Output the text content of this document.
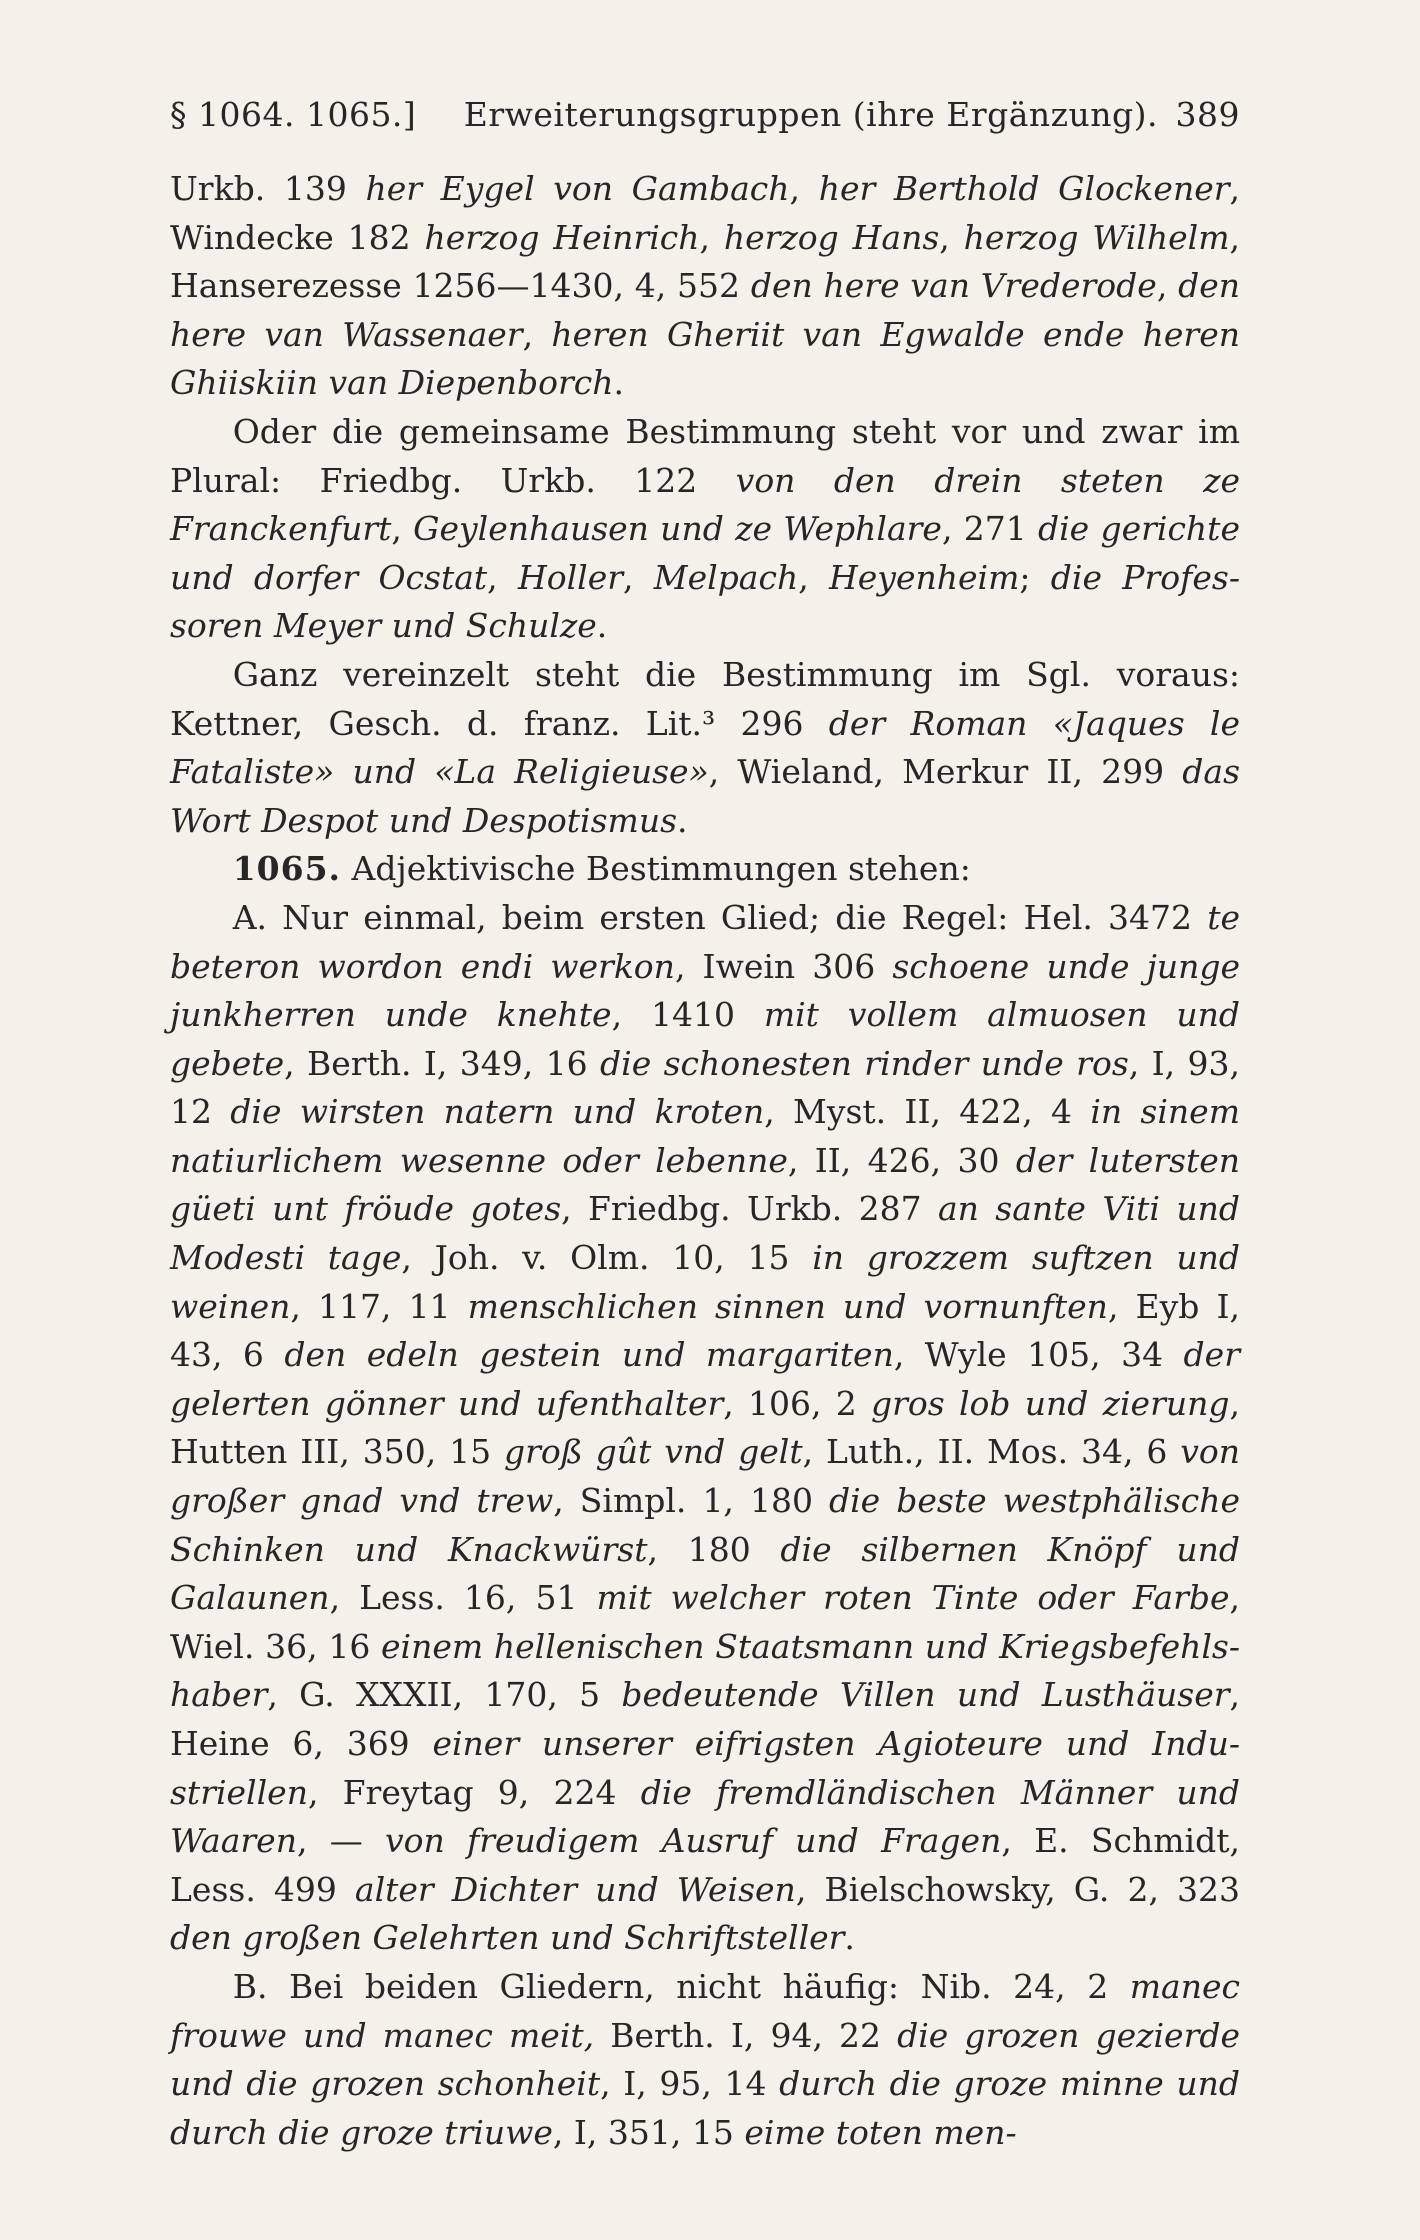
§ 1064. 1065.]	Erweiterungsgruppen (ihre Ergänzung). 389

Urkb. 139 her Eygel von Gambach, her Berthold Glockener, Windecke 182 herzog Heinrich, herzog Hans, herzog Wilhelm, Hanserezesse 1256—1430, 4, 552 den here van Vrederode, den here van Wassenaer, heren Gheriit van Egwalde ende heren Ghiiskiin van Diepenborch.

Oder die gemeinsame Bestimmung steht vor und zwar im Plural: Friedbg. Urkb. 122 von den drein steten ze Franckenfurt, Geylenhausen und ze Wephlare, 271 die gerichte und dorfer Ocstat, Holler, Melpach, Heyenheim; die Professoren Meyer und Schulze.

Ganz vereinzelt steht die Bestimmung im Sgl. voraus: Kettner, Gesch. d. franz. Lit.³ 296 der Roman «Jaques le Fataliste» und «La Religieuse», Wieland, Merkur II, 299 das Wort Despot und Despotismus.

1065. Adjektivische Bestimmungen stehen:

A. Nur einmal, beim ersten Glied; die Regel: Hel. 3472 te beteron wordon endi werkon, Iwein 306 schoene unde junge junkherren unde knehte, 1410 mit vollem almuosen und gebete, Berth. I, 349, 16 die schonesten rinder unde ros, I, 93, 12 die wirsten natern und kroten, Myst. II, 422, 4 in sinem natiurlichem wesenne oder lebenne, II, 426, 30 der lutersten güeti unt fröude gotes, Friedbg. Urkb. 287 an sante Viti und Modesti tage, Joh. v. Olm. 10, 15 in grozzem suftzen und weinen, 117, 11 menschlichen sinnen und vornunften, Eyb I, 43, 6 den edeln gestein und margariten, Wyle 105, 34 der gelerten gönner und ufenthalter, 106, 2 gros lob und zierung, Hutten III, 350, 15 groß gût vnd gelt, Luth., II. Mos. 34, 6 von großer gnad vnd trew, Simpl. 1, 180 die beste westphälische Schinken und Knackwürst, 180 die silbernen Knöpf und Galaunen, Less. 16, 51 mit welcher roten Tinte oder Farbe, Wiel. 36, 16 einem hellenischen Staatsmann und Kriegsbefehlshaber, G. XXXII, 170, 5 bedeutende Villen und Lusthäuser, Heine 6, 369 einer unserer eifrigsten Agioteure und Industriellen, Freytag 9, 224 die fremdländischen Männer und Waaren, — von freudigem Ausruf und Fragen, E. Schmidt, Less. 499 alter Dichter und Weisen, Bielschowsky, G. 2, 323 den großen Gelehrten und Schriftsteller.

B. Bei beiden Gliedern, nicht häufig: Nib. 24, 2 manec frouwe und manec meit, Berth. I, 94, 22 die grozen gezierde und die grozen schonheit, I, 95, 14 durch die groze minne und durch die groze triuwe, I, 351, 15 eime toten men-
